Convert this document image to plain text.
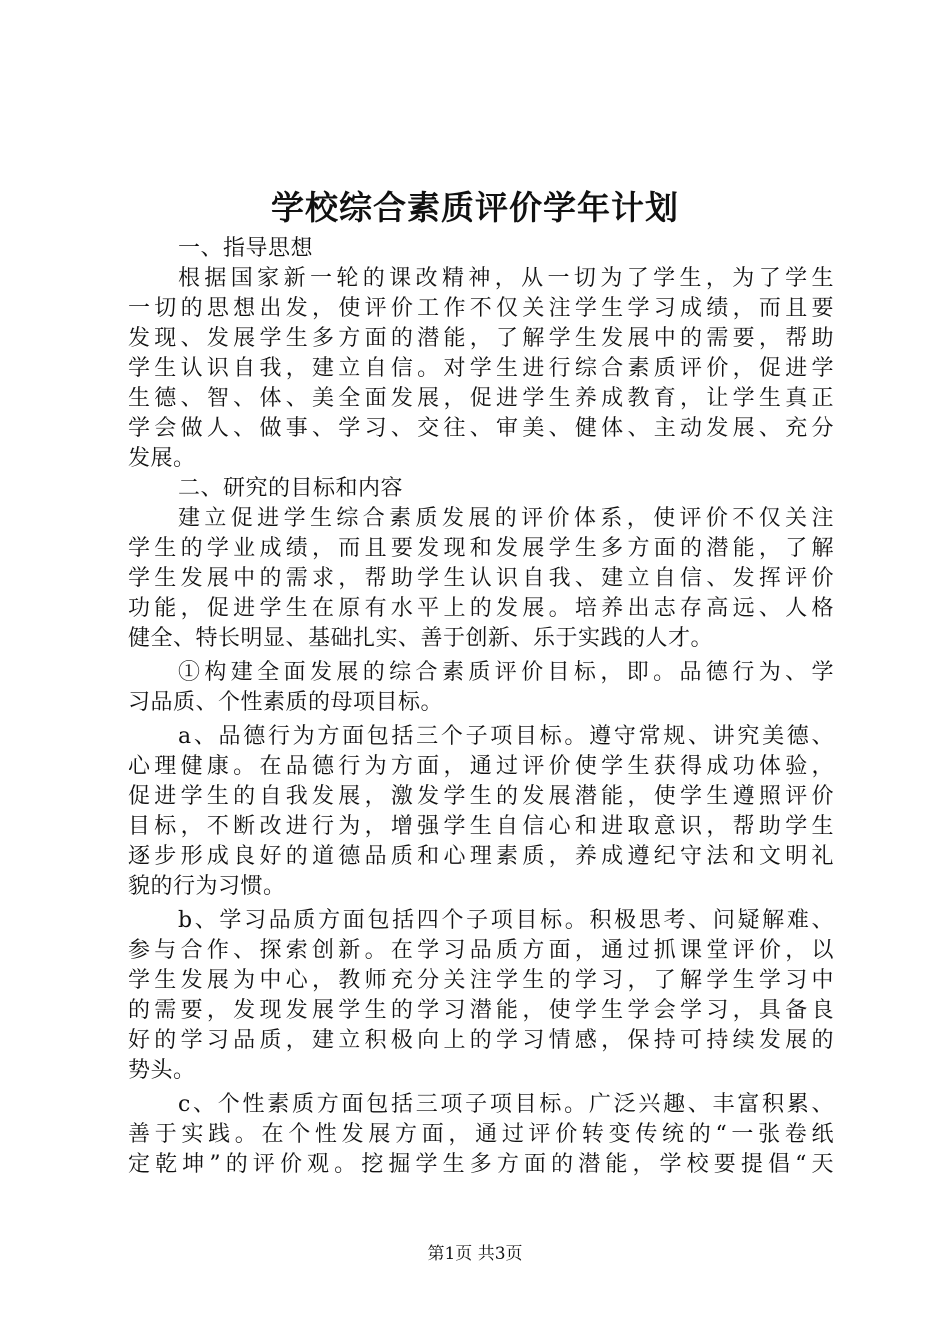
学校综合素质评价学年计划
一、指导思想
根据国家新一轮的课改精神，从一切为了学生，为了学生
一切的思想出发，使评价工作不仅关注学生学习成绩，而且要
发现、发展学生多方面的潜能，了解学生发展中的需要，帮助
学生认识自我，建立自信。对学生进行综合素质评价，促进学
生德、智、体、美全面发展，促进学生养成教育，让学生真正
学会做人、做事、学习、交往、审美、健体、主动发展、充分
发展。
二、研究的目标和内容
建立促进学生综合素质发展的评价体系，使评价不仅关注
学生的学业成绩，而且要发现和发展学生多方面的潜能，了解
学生发展中的需求，帮助学生认识自我、建立自信、发挥评价
功能，促进学生在原有水平上的发展。培养出志存高远、人格
健全、特长明显、基础扎实、善于创新、乐于实践的人才。
①构建全面发展的综合素质评价目标，即。品德行为、学
习品质、个性素质的母项目标。
a、品德行为方面包括三个子项目标。遵守常规、讲究美德、
心理健康。在品德行为方面，通过评价使学生获得成功体验，
促进学生的自我发展，激发学生的发展潜能，使学生遵照评价
目标，不断改进行为，增强学生自信心和进取意识，帮助学生
逐步形成良好的道德品质和心理素质，养成遵纪守法和文明礼
貌的行为习惯。
b、学习品质方面包括四个子项目标。积极思考、问疑解难、
参与合作、探索创新。在学习品质方面，通过抓课堂评价，以
学生发展为中心，教师充分关注学生的学习，了解学生学习中
的需要，发现发展学生的学习潜能，使学生学会学习，具备良
好的学习品质，建立积极向上的学习情感，保持可持续发展的
势头。
c、个性素质方面包括三项子项目标。广泛兴趣、丰富积累、
善于实践。在个性发展方面，通过评价转变传统的“一张卷纸
定乾坤”的评价观。挖掘学生多方面的潜能，学校要提倡“天
第1页 共3页
